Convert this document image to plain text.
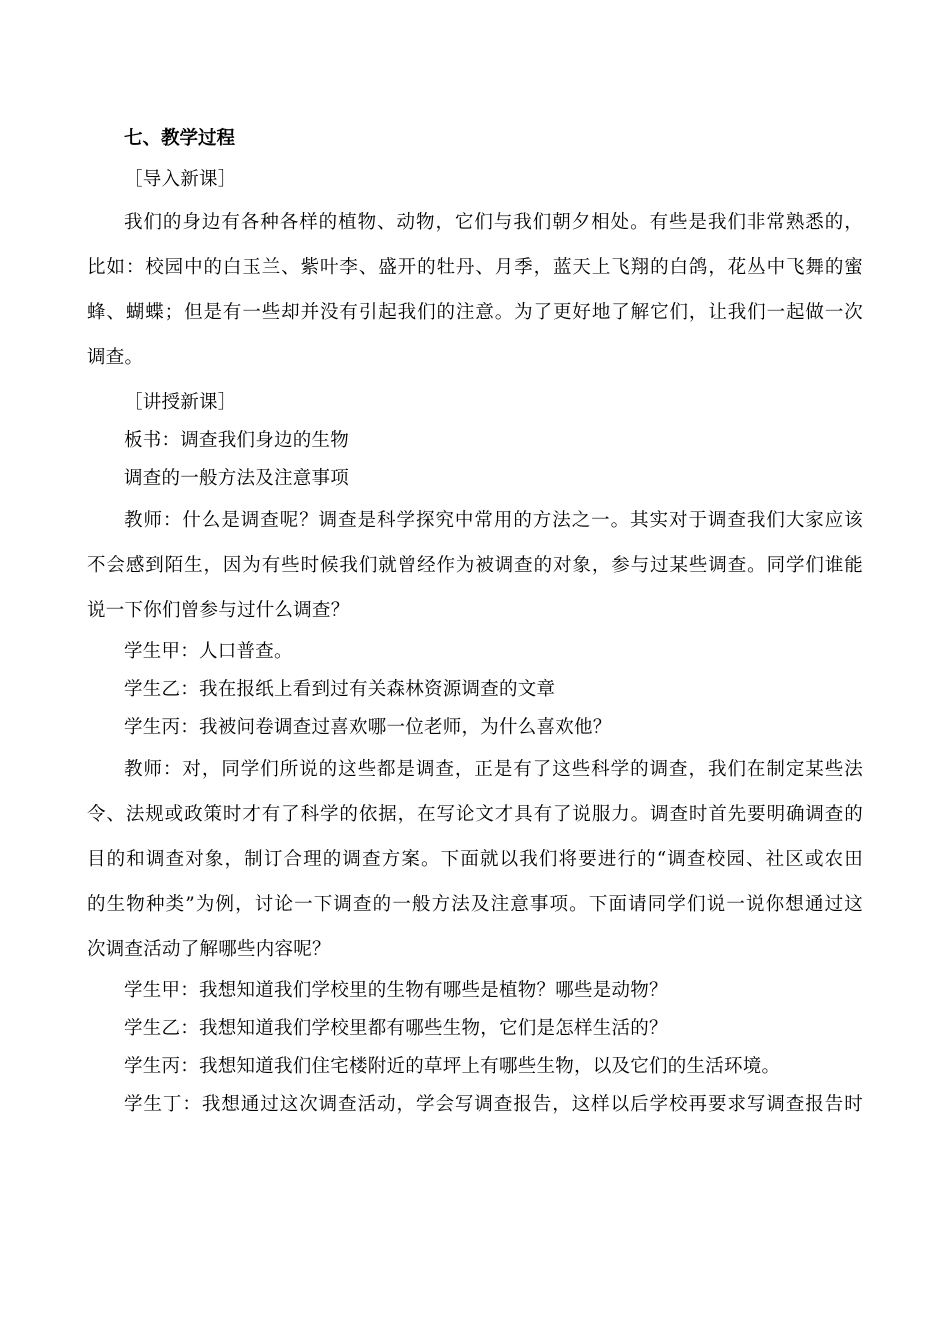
七、教学过程
［导入新课］
我们的身边有各种各样的植物、动物，它们与我们朝夕相处。有些是我们非常熟悉的，
比如：校园中的白玉兰、紫叶李、盛开的牡丹、月季，蓝天上飞翔的白鸽，花丛中飞舞的蜜
蜂、蝴蝶；但是有一些却并没有引起我们的注意。为了更好地了解它们，让我们一起做一次
调查。
［讲授新课］
板书：调查我们身边的生物
调查的一般方法及注意事项
教师：什么是调查呢？调查是科学探究中常用的方法之一。其实对于调查我们大家应该
不会感到陌生，因为有些时候我们就曾经作为被调查的对象，参与过某些调查。同学们谁能
说一下你们曾参与过什么调查？
学生甲：人口普查。
学生乙：我在报纸上看到过有关森林资源调查的文章
学生丙：我被问卷调查过喜欢哪一位老师，为什么喜欢他？
教师：对，同学们所说的这些都是调查，正是有了这些科学的调查，我们在制定某些法
令、法规或政策时才有了科学的依据，在写论文才具有了说服力。调查时首先要明确调查的
目的和调查对象，制订合理的调查方案。下面就以我们将要进行的“调查校园、社区或农田
的生物种类”为例，讨论一下调查的一般方法及注意事项。下面请同学们说一说你想通过这
次调查活动了解哪些内容呢？
学生甲：我想知道我们学校里的生物有哪些是植物？哪些是动物？
学生乙：我想知道我们学校里都有哪些生物，它们是怎样生活的？
学生丙：我想知道我们住宅楼附近的草坪上有哪些生物，以及它们的生活环境。
学生丁：我想通过这次调查活动，学会写调查报告，这样以后学校再要求写调查报告时
